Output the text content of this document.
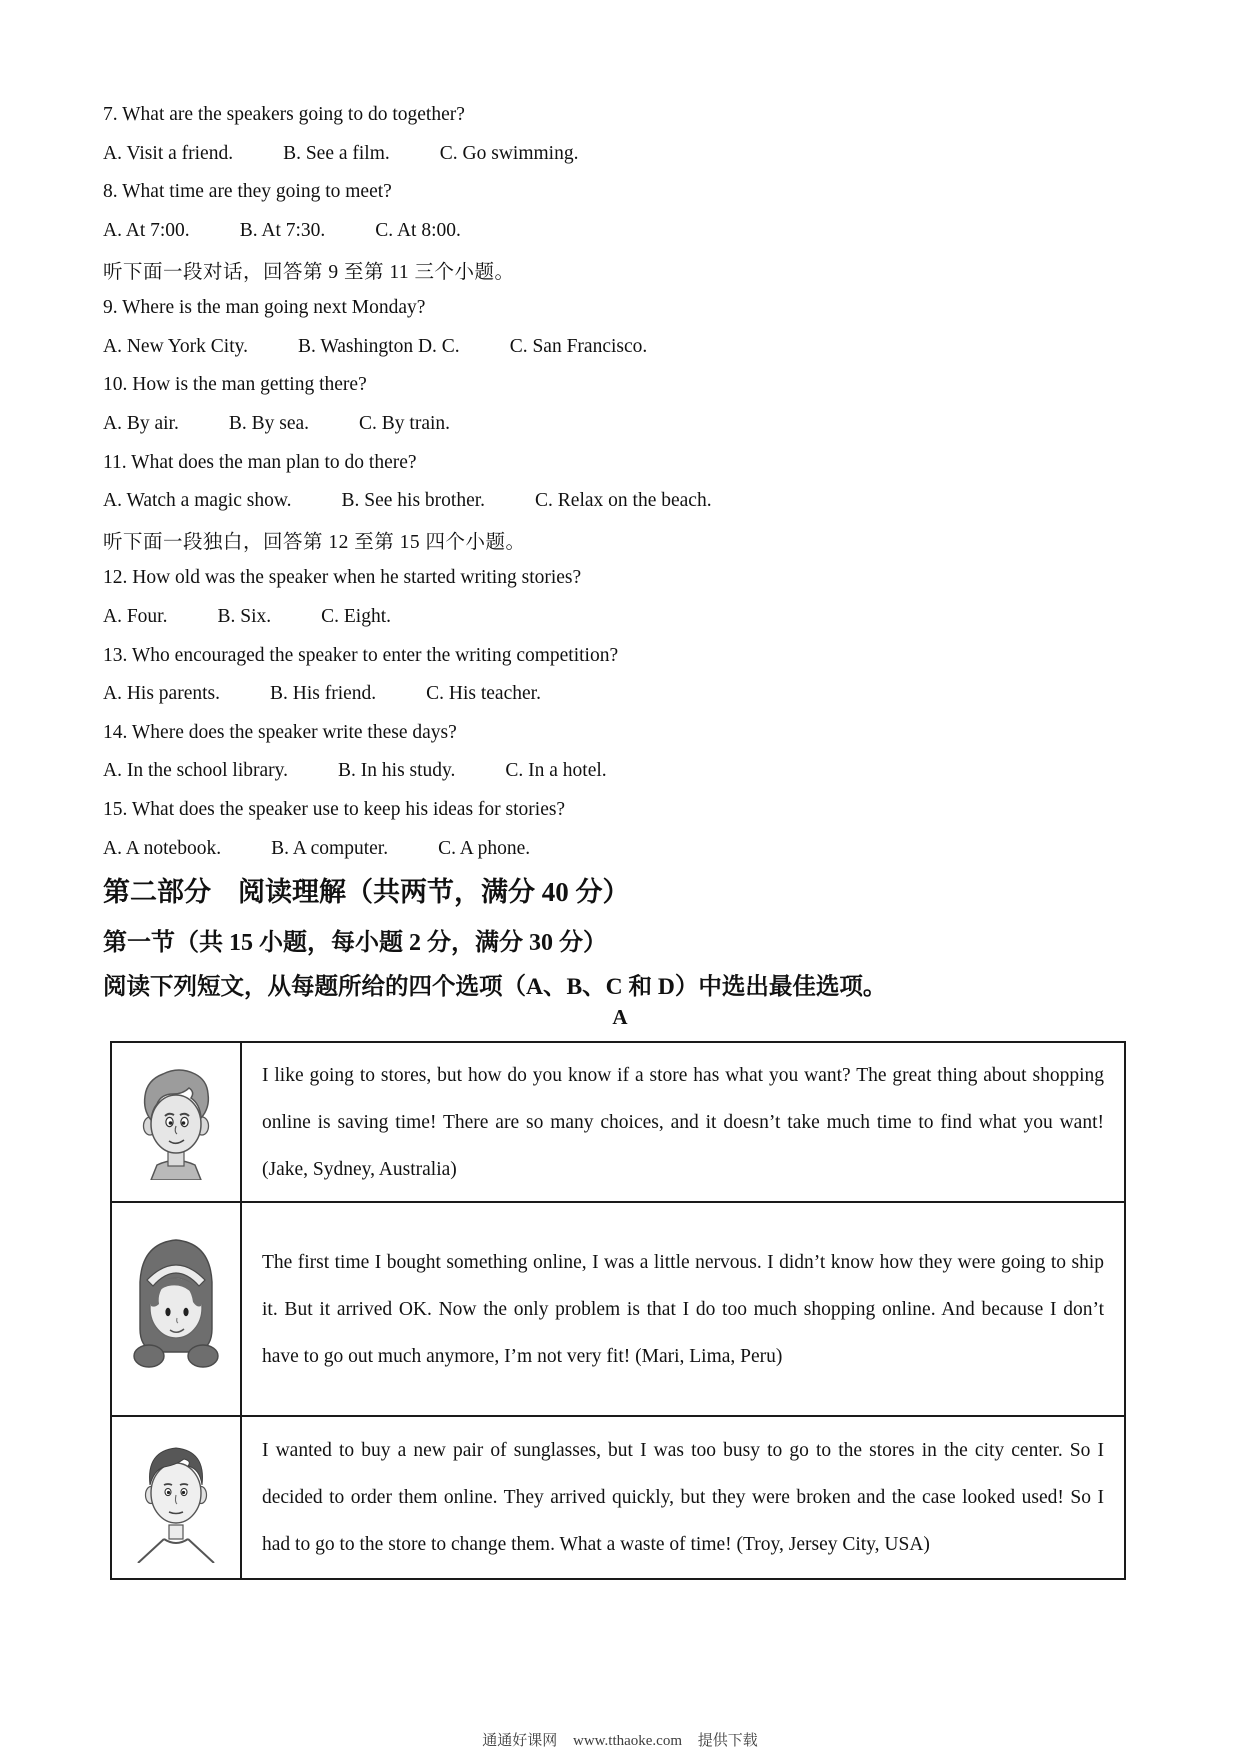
7. What are the speakers going to do together?
A. Visit a friend.	B. See a film.	C. Go swimming.
8. What time are they going to meet?
A. At 7:00.	B. At 7:30.	C. At 8:00.
听下面一段对话，回答第 9 至第 11 三个小题。
9. Where is the man going next Monday?
A. New York City.	B. Washington D. C.	C. San Francisco.
10. How is the man getting there?
A. By air.	B. By sea.	C. By train.
11. What does the man plan to do there?
A. Watch a magic show.	B. See his brother.	C. Relax on the beach.
听下面一段独白，回答第 12 至第 15 四个小题。
12. How old was the speaker when he started writing stories?
A. Four.	B. Six.	C. Eight.
13. Who encouraged the speaker to enter the writing competition?
A. His parents.	B. His friend.	C. His teacher.
14. Where does the speaker write these days?
A. In the school library.	B. In his study.	C. In a hotel.
15. What does the speaker use to keep his ideas for stories?
A. A notebook.	B. A computer.	C. A phone.
第二部分　阅读理解（共两节，满分 40 分）
第一节（共 15 小题，每小题 2 分，满分 30 分）
阅读下列短文，从每题所给的四个选项（A、B、C 和 D）中选出最佳选项。
A
	I like going to stores, but how do you know if a store has what you want? The great thing about shopping online is saving time! There are so many choices, and it doesn’t take much time to find what you want! (Jake, Sydney, Australia)

	The first time I bought something online, I was a little nervous. I didn’t know how they were going to ship it. But it arrived OK. Now the only problem is that I do too much shopping online. And because I don’t have to go out much anymore, I’m not very fit! (Mari, Lima, Peru)

	I wanted to buy a new pair of sunglasses, but I was too busy to go to the stores in the city center. So I decided to order them online. They arrived quickly, but they were broken and the case looked used! So I had to go to the store to change them. What a waste of time! (Troy, Jersey City, USA)
通通好课网 www.tthaoke.com 提供下载
